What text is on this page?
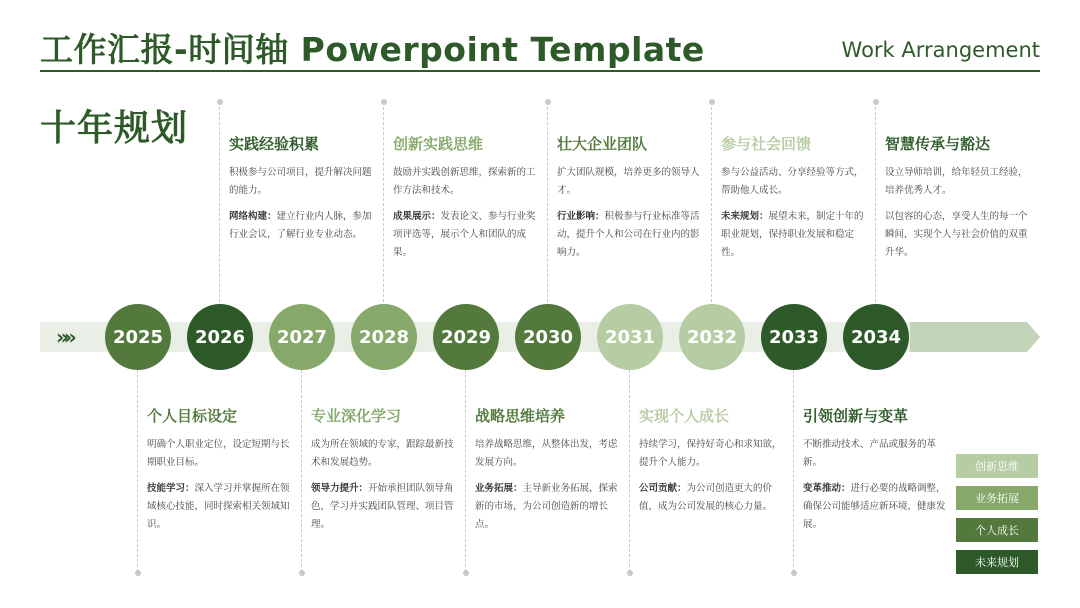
工作汇报-时间轴 Powerpoint Template	Work Arrangement
十年规划
»»	2025
个人目标设定

明确个人职业定位，设定短期与长期职业目标。

技能学习：深入学习并掌握所在领域核心技能，同时探索相关领域知识。

2026
实践经验积累

积极参与公司项目，提升解决问题的能力。

网络构建：建立行业内人脉，参加行业会议，了解行业专业动态。

2027
专业深化学习

成为所在领域的专家，跟踪最新技术和发展趋势。

领导力提升：开始承担团队领导角色，学习并实践团队管理、项目管理。

2028
创新实践思维

鼓励并实践创新思维，探索新的工作方法和技术。

成果展示：发表论文、参与行业奖项评选等，展示个人和团队的成果。

2029
战略思维培养

培养战略思维，从整体出发，考虑发展方向。

业务拓展：主导新业务拓展，探索新的市场，为公司创造新的增长点。

2030
壮大企业团队

扩大团队规模，培养更多的领导人才。

行业影响：积极参与行业标准等活动，提升个人和公司在行业内的影响力。

2031
实现个人成长

持续学习，保持好奇心和求知欲，提升个人能力。

公司贡献：为公司创造更大的价值，成为公司发展的核心力量。

2032
参与社会回馈

参与公益活动、分享经验等方式，帮助他人成长。

未来规划：展望未来，制定十年的职业规划，保持职业发展和稳定性。

2033
引领创新与变革

不断推动技术、产品或服务的革新。

变革推动：进行必要的战略调整，确保公司能够适应新环境，健康发展。

2034
智慧传承与豁达

设立导师培训，给年轻员工经验，培养优秀人才。

以包容的心态，享受人生的每一个瞬间，实现个人与社会价值的双重升华。

创新思维
业务拓展
个人成长
未来规划
